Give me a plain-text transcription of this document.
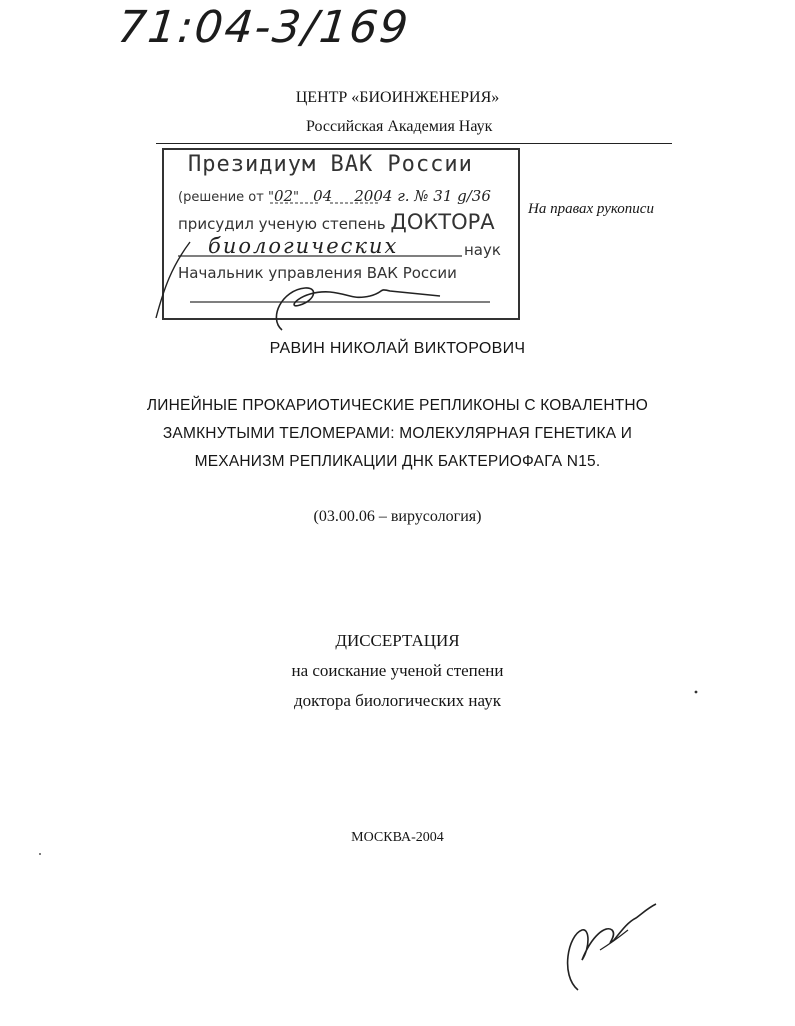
71:04-3/169
ЦЕНТР «БИОИНЖЕНЕРИЯ»
Российская Академия Наук
Президиум ВАК России
(решение от "02" 04 2004 г. № 31 g/36
присудил ученую степень ДОКТОРА
биологических	наук
Начальник управления ВАК России
На правах рукописи
РАВИН НИКОЛАЙ ВИКТОРОВИЧ
ЛИНЕЙНЫЕ ПРОКАРИОТИЧЕСКИЕ РЕПЛИКОНЫ С КОВАЛЕНТНО
ЗАМКНУТЫМИ ТЕЛОМЕРАМИ: МОЛЕКУЛЯРНАЯ ГЕНЕТИКА И
МЕХАНИЗМ РЕПЛИКАЦИИ ДНК БАКТЕРИОФАГА N15.
(03.00.06 – вирусология)
ДИССЕРТАЦИЯ
на соискание ученой степени
доктора биологических наук
МОСКВА-2004
